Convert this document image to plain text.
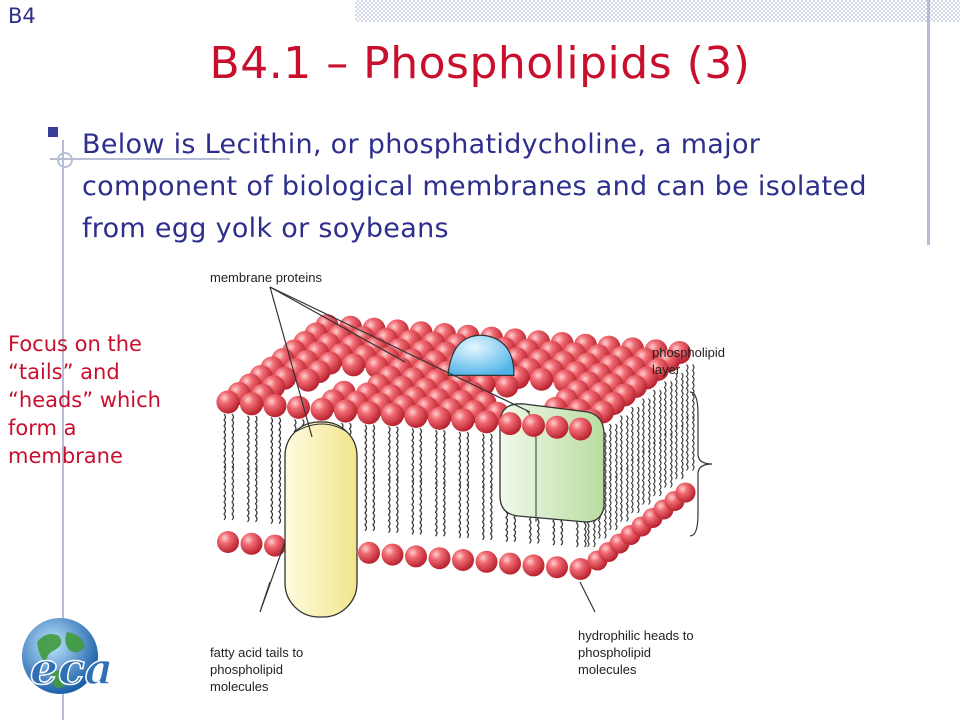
B4
B4.1 – Phospholipids (3)
Below is Lecithin, or phosphatidycholine, a major component of biological membranes and can be isolated from egg yolk or soybeans
Focus on the “tails” and “heads” which form a membrane
membrane proteins
phospholipid layer
fatty acid tails to phospholipid molecules
hydrophilic heads to phospholipid molecules
eca
